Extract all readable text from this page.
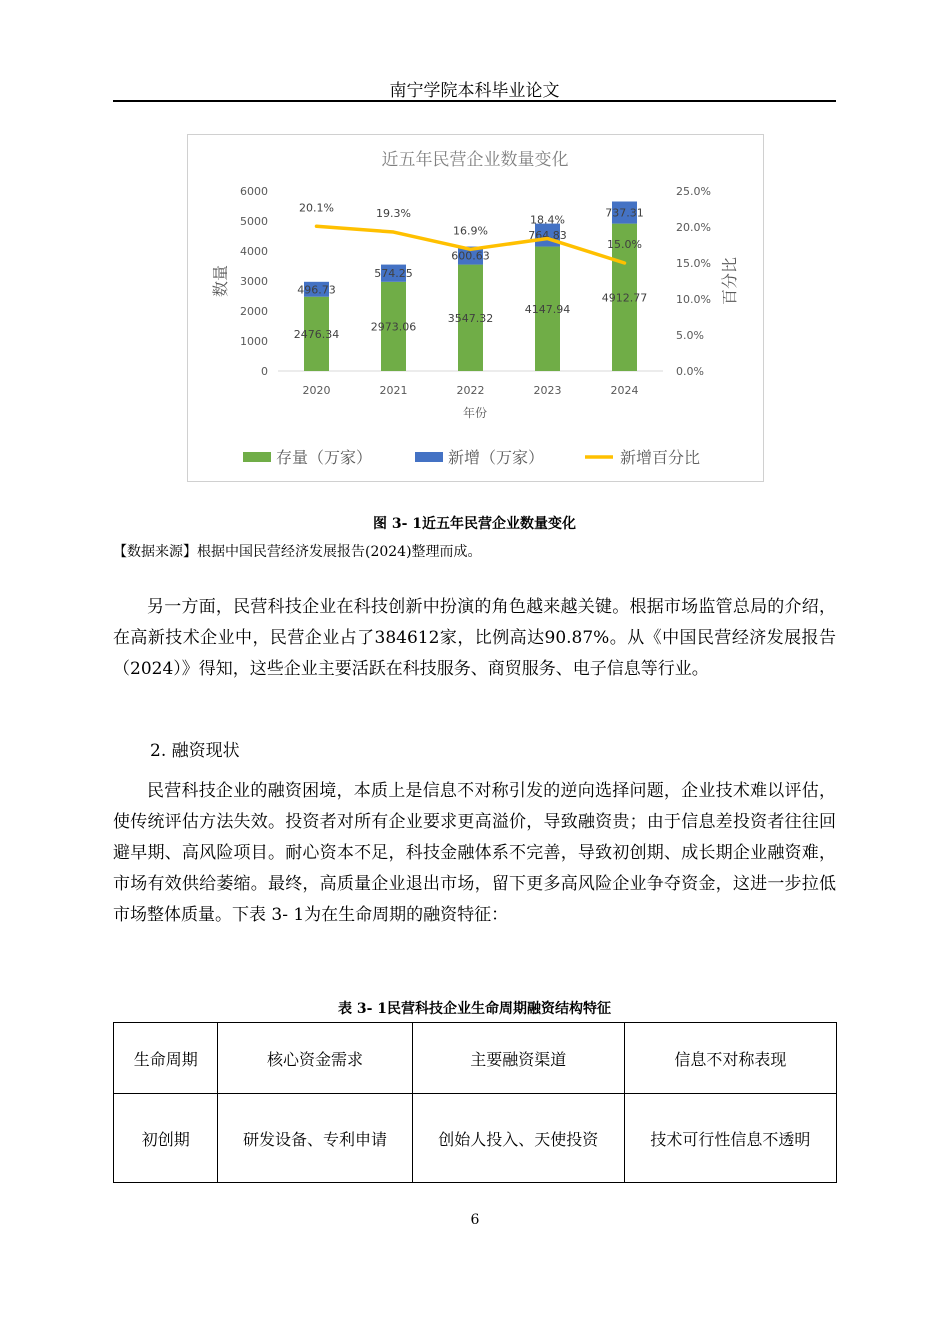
南宁学院本科毕业论文
近五年民营企业数量变化
0
1000
2000
3000
4000
5000
6000
0.0%
5.0%
10.0%
15.0%
20.0%
25.0%
数量	百分比
2476.34
496.73
2020
2973.06
574.25
2021
3547.32
600.63
2022
4147.94
764.83
2023
4912.77
737.31
2024
20.1%	19.3%
16.9%
18.4%
15.0%
年份
存量（万家）	新增（万家）	新增百分比
图 3- 1近五年民营企业数量变化
【数据来源】根据中国民营经济发展报告(2024)整理而成。

另一方面，民营科技企业在科技创新中扮演的角色越来越关键。根据市场监管总局的介绍，在高新技术企业中，民营企业占了384612家，比例高达90.87%。从《中国民营经济发展报告（2024）》得知，这些企业主要活跃在科技服务、商贸服务、电子信息等行业。

2. 融资现状

民营科技企业的融资困境，本质上是信息不对称引发的逆向选择问题，企业技术难以评估，使传统评估方法失效。投资者对所有企业要求更高溢价，导致融资贵；由于信息差投资者往往回避早期、高风险项目。耐心资本不足，科技金融体系不完善，导致初创期、成长期企业融资难，市场有效供给萎缩。最终，高质量企业退出市场，留下更多高风险企业争夺资金，这进一步拉低市场整体质量。下表 3- 1为在生命周期的融资特征：

表 3- 1民营科技企业生命周期融资结构特征
生命周期	核心资金需求	主要融资渠道	信息不对称表现
初创期	研发设备、专利申请	创始人投入、天使投资	技术可行性信息不透明
6
